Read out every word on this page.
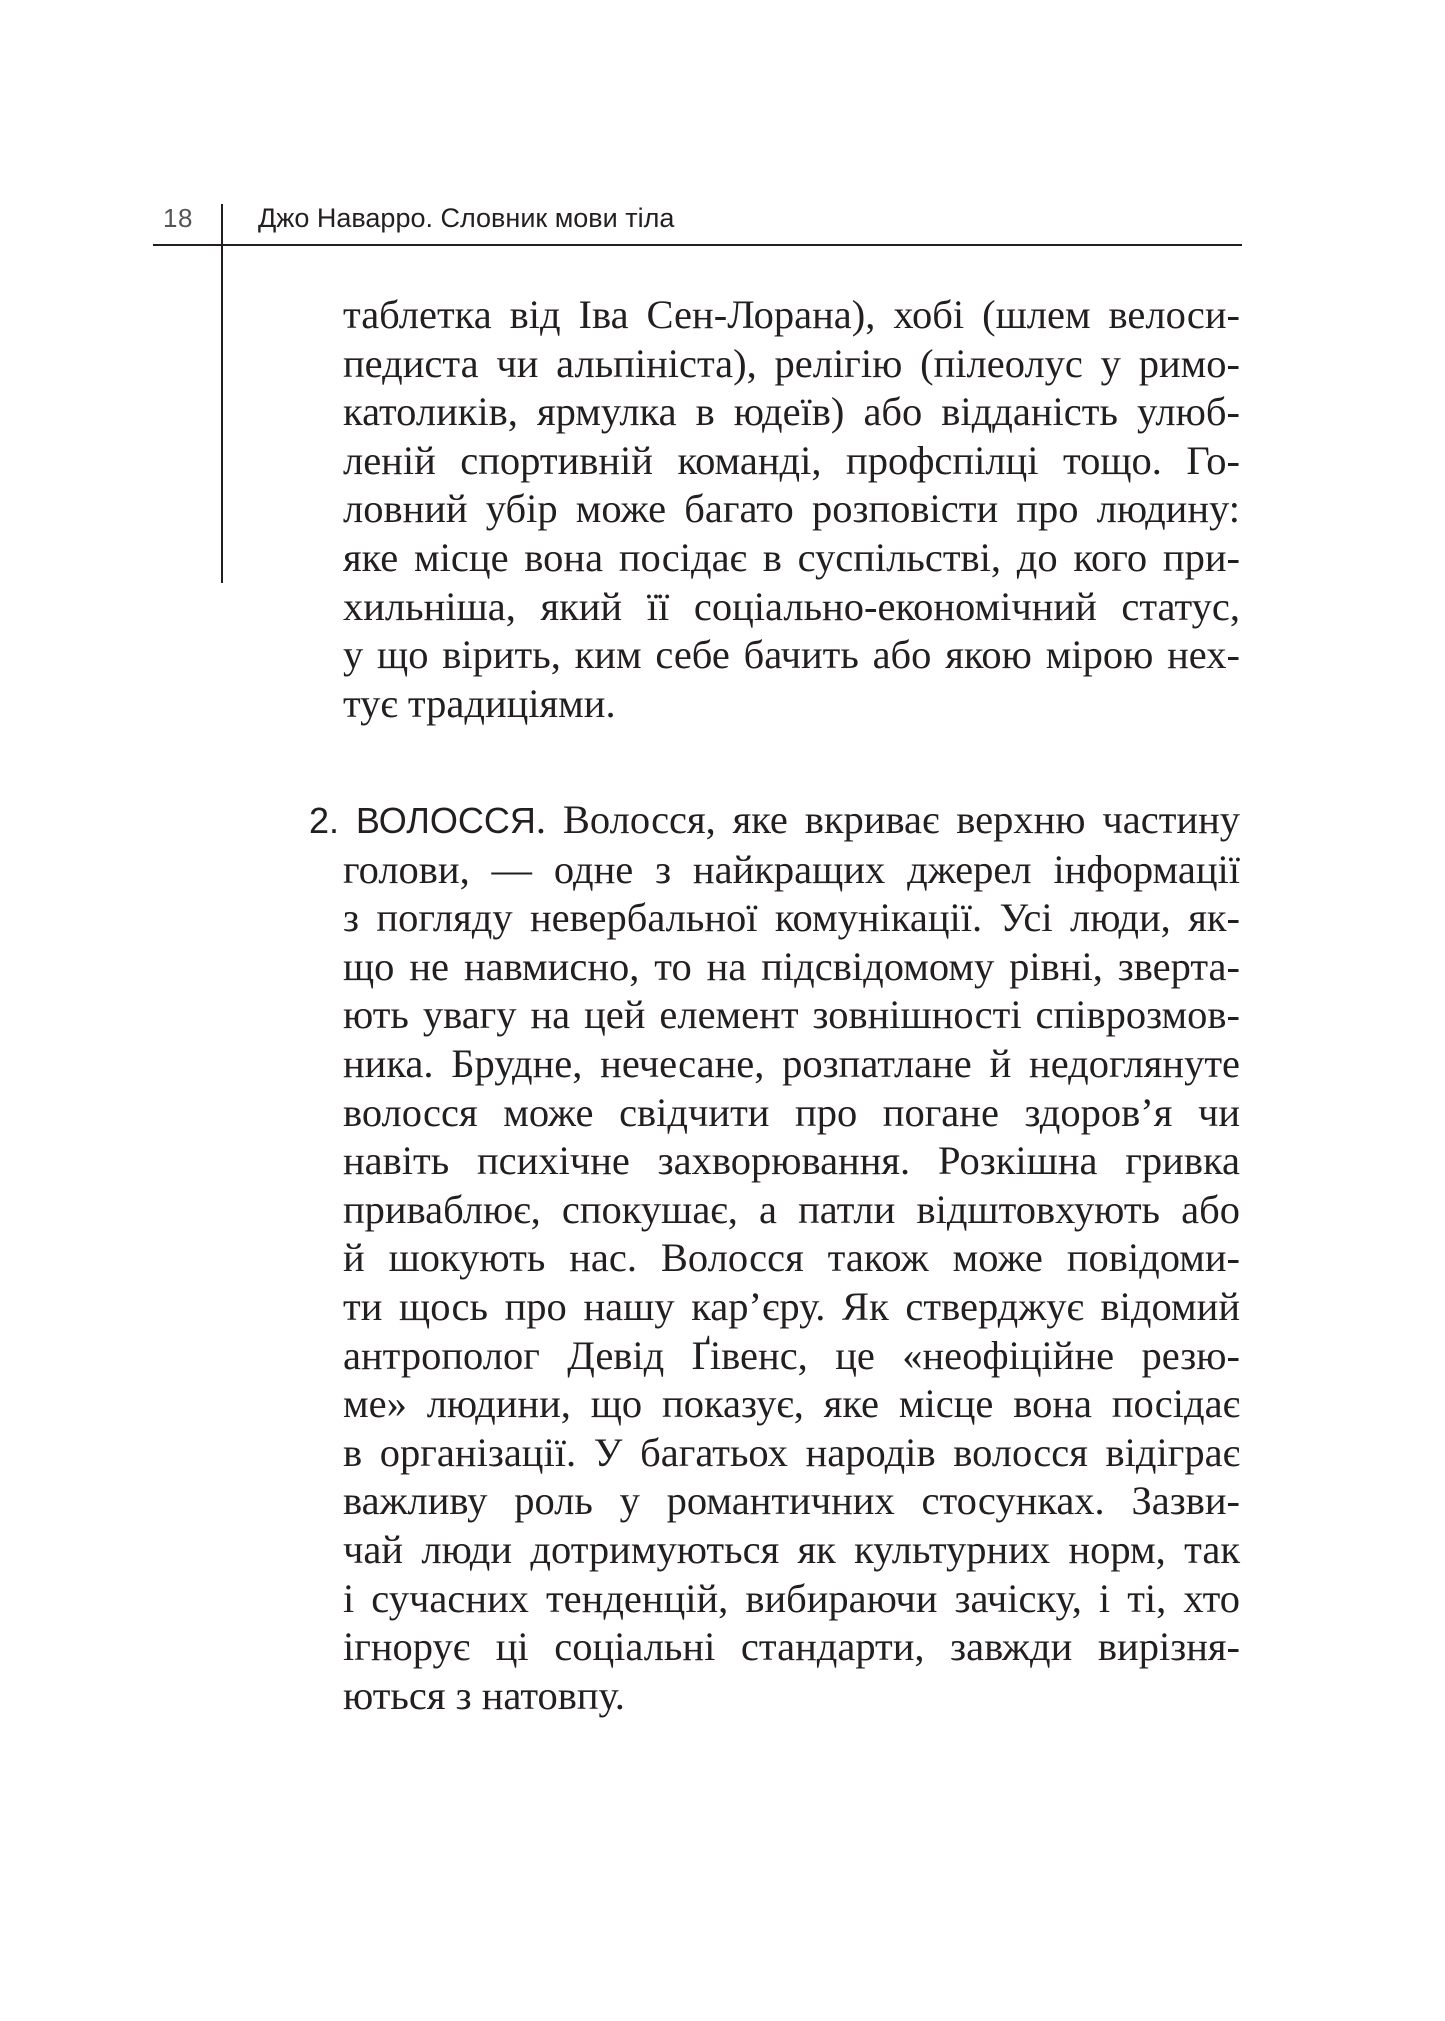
18 Джо Наварро. Словник мови тіла
таблетка від Іва Сен-Лорана), хобі (шлем велоси-
педиста чи альпініста), релігію (пілеолус у римо-
католиків, ярмулка в юдеїв) або відданість улюб-
леній спортивній команді, профспілці тощо. Го-
ловний убір може багато розповісти про людину:
яке місце вона посідає в суспільстві, до кого при-
хильніша, який її соціально-економічний статус,
у що вірить, ким себе бачить або якою мірою нех-
тує традиціями.
2. ВОЛОССЯ. Волосся, яке вкриває верхню частину
голови, — одне з найкращих джерел інформації
з погляду невербальної комунікації. Усі люди, як-
що не навмисно, то на підсвідомому рівні, зверта-
ють увагу на цей елемент зовнішності співрозмов-
ника. Брудне, нечесане, розпатлане й недоглянуте
волосся може свідчити про погане здоров’я чи
навіть психічне захворювання. Розкішна гривка
приваблює, спокушає, а патли відштовхують або
й шокують нас. Волосся також може повідоми-
ти щось про нашу кар’єру. Як стверджує відомий
антрополог Девід Ґівенс, це «неофіційне резю-
ме» людини, що показує, яке місце вона посідає
в організації. У багатьох народів волосся відіграє
важливу роль у романтичних стосунках. Зазви-
чай люди дотримуються як культурних норм, так
і сучасних тенденцій, вибираючи зачіску, і ті, хто
ігнорує ці соціальні стандарти, завжди вирізня-
ються з натовпу.
